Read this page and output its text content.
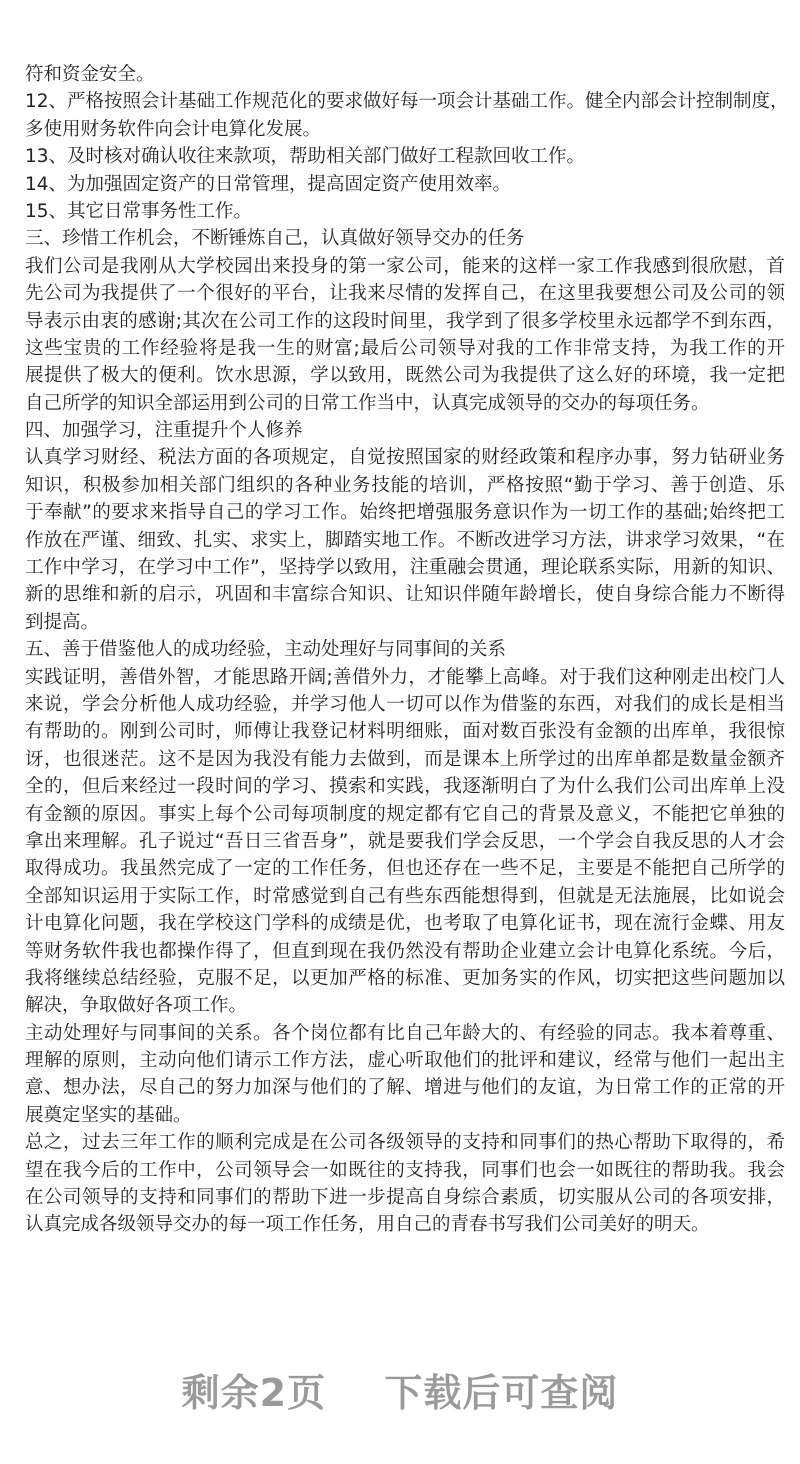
符和资金安全。
12、严格按照会计基础工作规范化的要求做好每一项会计基础工作。健全内部会计控制制度，
多使用财务软件向会计电算化发展。
13、及时核对确认收往来款项，帮助相关部门做好工程款回收工作。
14、为加强固定资产的日常管理，提高固定资产使用效率。
15、其它日常事务性工作。
三、珍惜工作机会，不断锤炼自己，认真做好领导交办的任务
我们公司是我刚从大学校园出来投身的第一家公司，能来的这样一家工作我感到很欣慰，首
先公司为我提供了一个很好的平台，让我来尽情的发挥自己，在这里我要想公司及公司的领
导表示由衷的感谢;其次在公司工作的这段时间里，我学到了很多学校里永远都学不到东西，
这些宝贵的工作经验将是我一生的财富;最后公司领导对我的工作非常支持，为我工作的开
展提供了极大的便利。饮水思源，学以致用，既然公司为我提供了这么好的环境，我一定把
自己所学的知识全部运用到公司的日常工作当中，认真完成领导的交办的每项任务。
四、加强学习，注重提升个人修养
认真学习财经、税法方面的各项规定，自觉按照国家的财经政策和程序办事，努力钻研业务
知识，积极参加相关部门组织的各种业务技能的培训，严格按照“勤于学习、善于创造、乐
于奉献”的要求来指导自己的学习工作。始终把增强服务意识作为一切工作的基础;始终把工
作放在严谨、细致、扎实、求实上，脚踏实地工作。不断改进学习方法，讲求学习效果，“在
工作中学习，在学习中工作”，坚持学以致用，注重融会贯通，理论联系实际，用新的知识、
新的思维和新的启示，巩固和丰富综合知识、让知识伴随年龄增长，使自身综合能力不断得
到提高。
五、善于借鉴他人的成功经验，主动处理好与同事间的关系
实践证明，善借外智，才能思路开阔;善借外力，才能攀上高峰。对于我们这种刚走出校门人
来说，学会分析他人成功经验，并学习他人一切可以作为借鉴的东西，对我们的成长是相当
有帮助的。刚到公司时，师傅让我登记材料明细账，面对数百张没有金额的出库单，我很惊
讶，也很迷茫。这不是因为我没有能力去做到，而是课本上所学过的出库单都是数量金额齐
全的，但后来经过一段时间的学习、摸索和实践，我逐渐明白了为什么我们公司出库单上没
有金额的原因。事实上每个公司每项制度的规定都有它自己的背景及意义，不能把它单独的
拿出来理解。孔子说过“吾日三省吾身”，就是要我们学会反思，一个学会自我反思的人才会
取得成功。我虽然完成了一定的工作任务，但也还存在一些不足，主要是不能把自己所学的
全部知识运用于实际工作，时常感觉到自己有些东西能想得到，但就是无法施展，比如说会
计电算化问题，我在学校这门学科的成绩是优，也考取了电算化证书，现在流行金蝶、用友
等财务软件我也都操作得了，但直到现在我仍然没有帮助企业建立会计电算化系统。今后，
我将继续总结经验，克服不足，以更加严格的标准、更加务实的作风，切实把这些问题加以
解决，争取做好各项工作。
主动处理好与同事间的关系。各个岗位都有比自己年龄大的、有经验的同志。我本着尊重、
理解的原则，主动向他们请示工作方法，虚心听取他们的批评和建议，经常与他们一起出主
意、想办法，尽自己的努力加深与他们的了解、增进与他们的友谊，为日常工作的正常的开
展奠定坚实的基础。
总之，过去三年工作的顺利完成是在公司各级领导的支持和同事们的热心帮助下取得的，希
望在我今后的工作中，公司领导会一如既往的支持我，同事们也会一如既往的帮助我。我会
在公司领导的支持和同事们的帮助下进一步提高自身综合素质，切实服从公司的各项安排，
认真完成各级领导交办的每一项工作任务，用自己的青春书写我们公司美好的明天。
剩余2页 下载后可查阅
